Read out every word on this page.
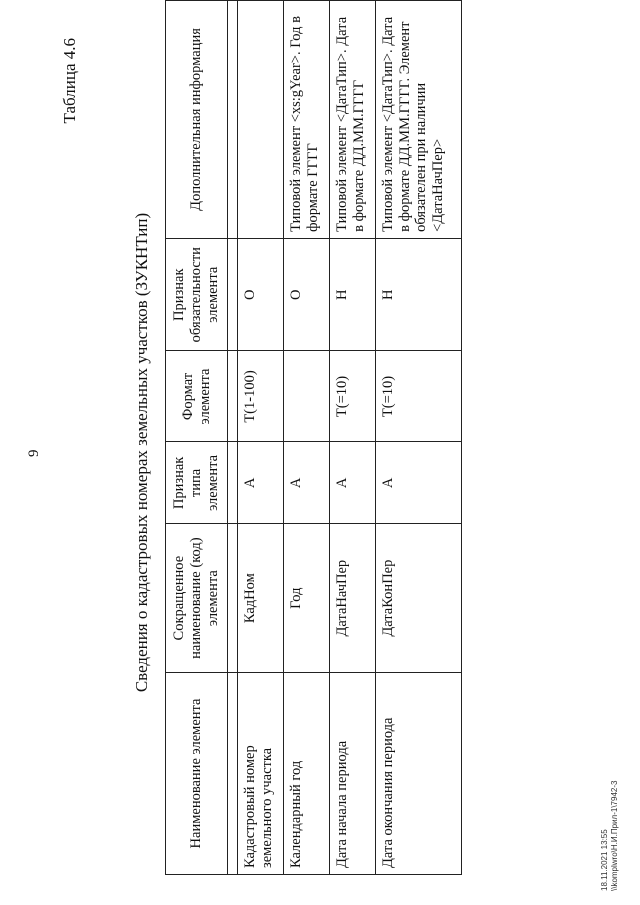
9
Таблица 4.6
Сведения о кадастровых номерах земельных участков (ЗУКНТип)
Наименование элемента	Сокращенное наименование (код) элемента	Признак типа элемента	Формат элемента	Признак обязательности элемента	Дополнительная информация

Кадастровый номер земельного участка	КадНом	А	T(1-100)	О	
Календарный год	Год	А		О	Типовой элемент <xs:gYear>. Год в формате ГГГГ
Дата начала периода	ДатаНачПер	А	T(=10)	Н	Типовой элемент <ДатаТип>. Дата в формате ДД.ММ.ГГГГ
Дата окончания периода	ДатаКонПер	А	T(=10)	Н	Типовой элемент <ДатаТип>. Дата в формате ДД.ММ.ГГГГ. Элемент обязателен при наличии <ДатаНачПер>
18.11.2021 13:55 \\komplwro\Н.И.Прил-1\7942-3
